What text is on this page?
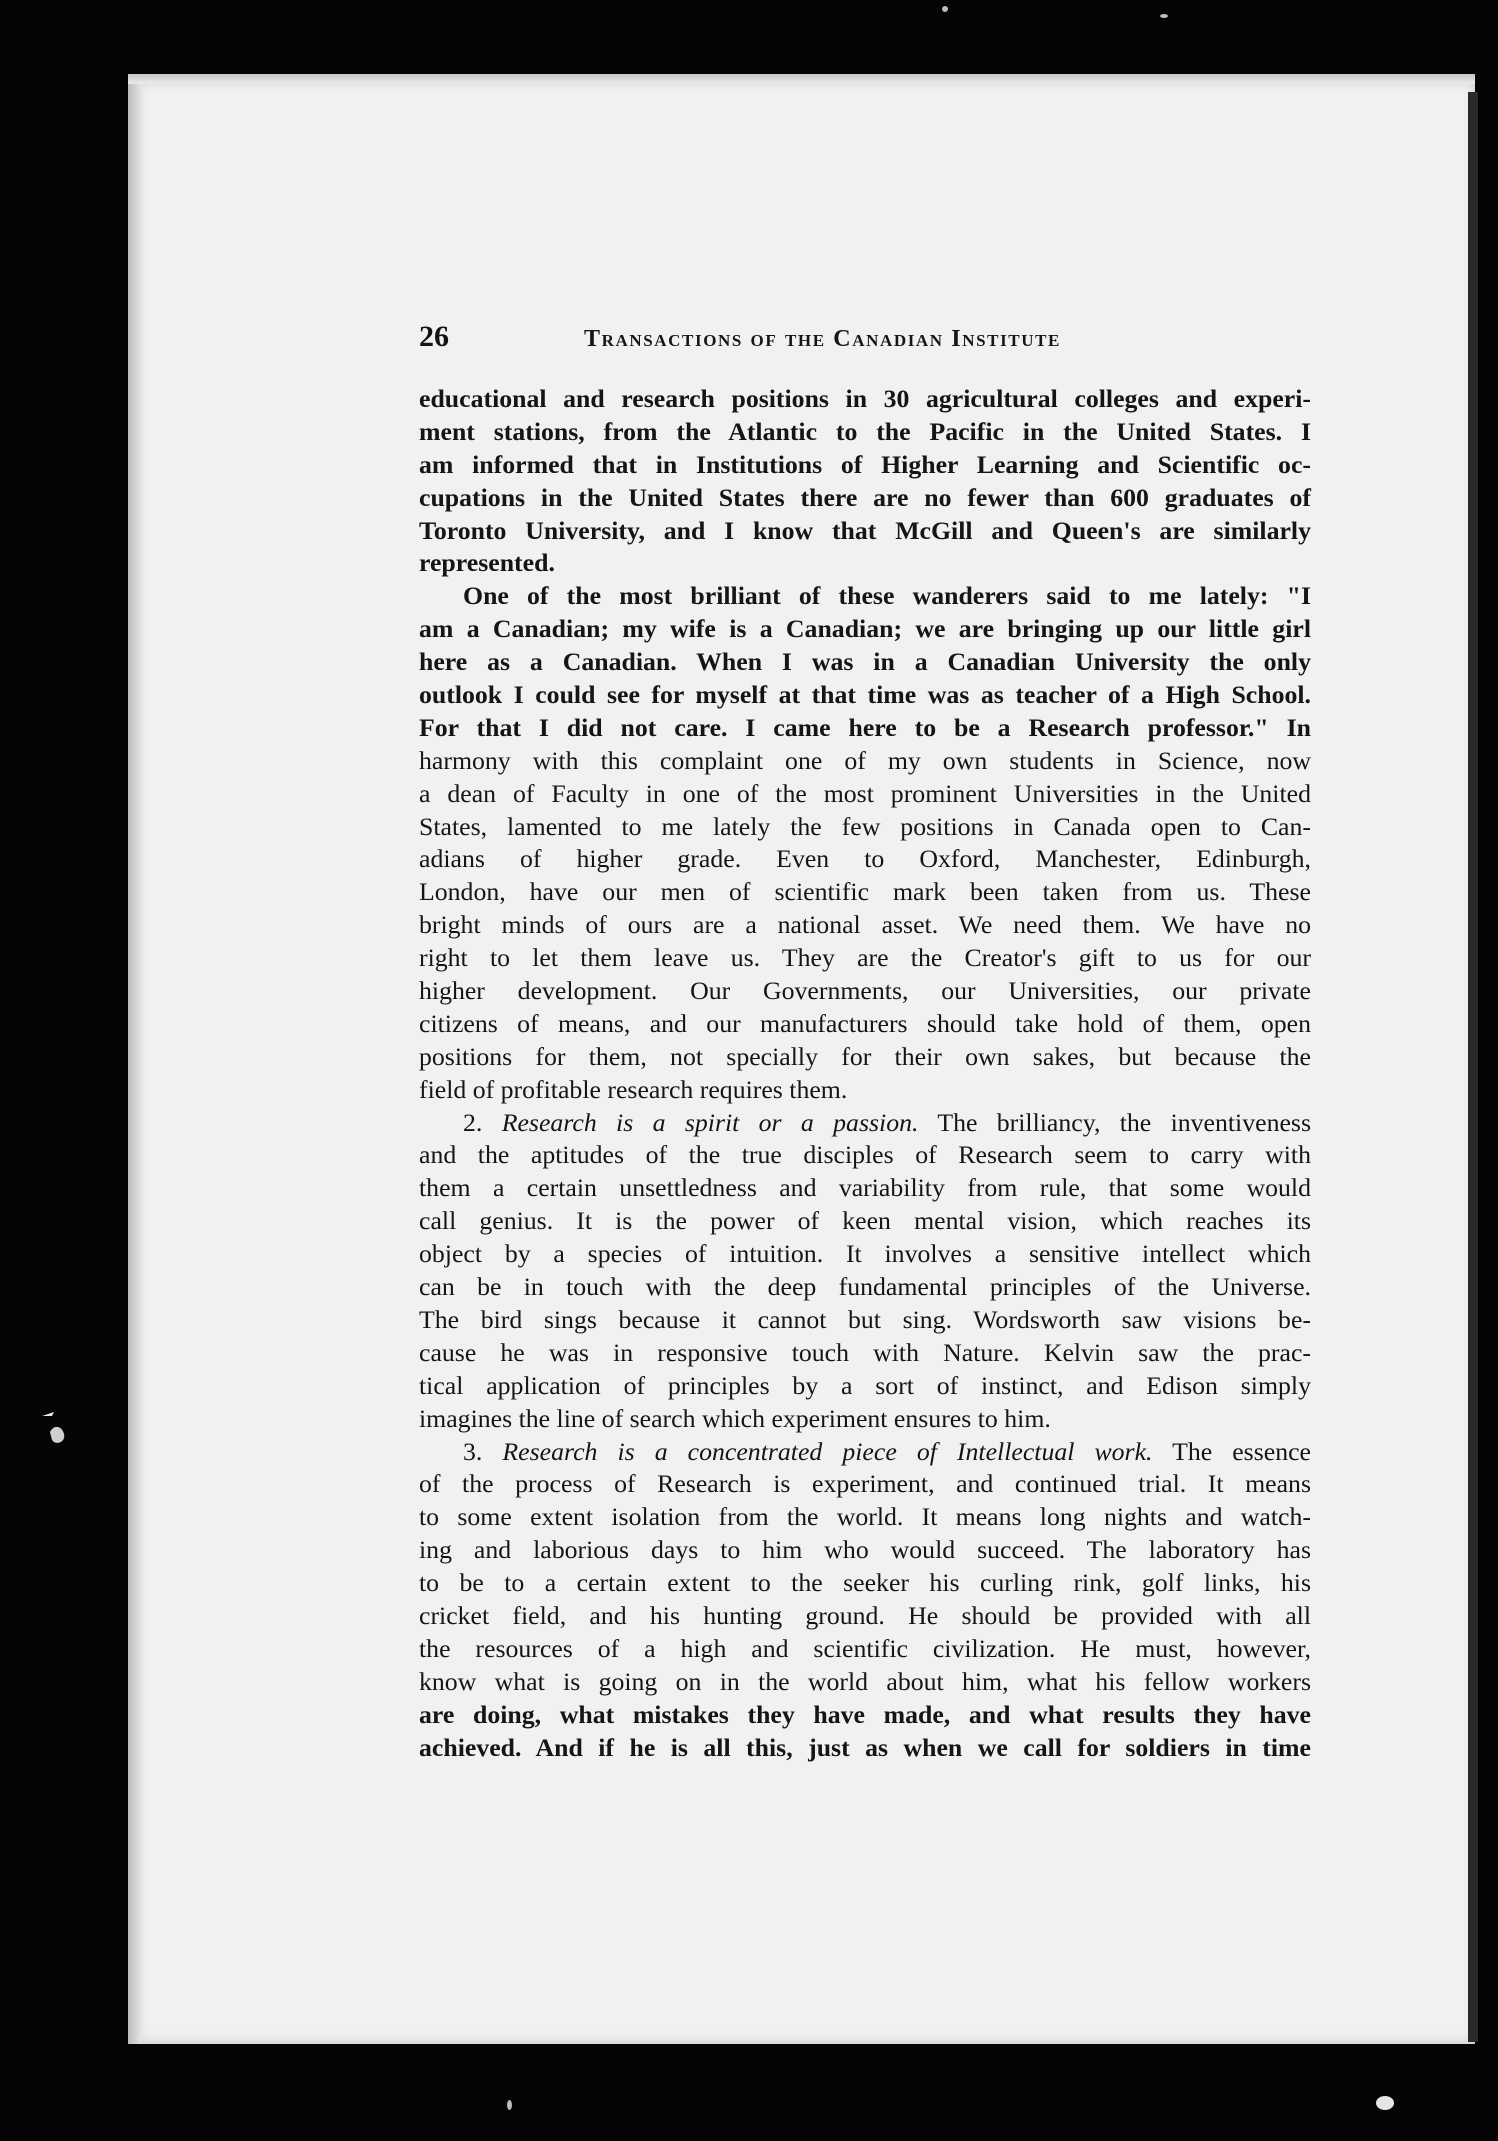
26	Transactions of the Canadian Institute
educational and research positions in 30 agricultural colleges and experi-
ment stations, from the Atlantic to the Pacific in the United States. I
am informed that in Institutions of Higher Learning and Scientific oc-
cupations in the United States there are no fewer than 600 graduates of
Toronto University, and I know that McGill and Queen's are similarly
represented.
One of the most brilliant of these wanderers said to me lately: "I
am a Canadian; my wife is a Canadian; we are bringing up our little girl
here as a Canadian. When I was in a Canadian University the only
outlook I could see for myself at that time was as teacher of a High School.
For that I did not care. I came here to be a Research professor." In
harmony with this complaint one of my own students in Science, now
a dean of Faculty in one of the most prominent Universities in the United
States, lamented to me lately the few positions in Canada open to Can-
adians of higher grade. Even to Oxford, Manchester, Edinburgh,
London, have our men of scientific mark been taken from us. These
bright minds of ours are a national asset. We need them. We have no
right to let them leave us. They are the Creator's gift to us for our
higher development. Our Governments, our Universities, our private
citizens of means, and our manufacturers should take hold of them, open
positions for them, not specially for their own sakes, but because the
field of profitable research requires them.
2. Research is a spirit or a passion. The brilliancy, the inventiveness
and the aptitudes of the true disciples of Research seem to carry with
them a certain unsettledness and variability from rule, that some would
call genius. It is the power of keen mental vision, which reaches its
object by a species of intuition. It involves a sensitive intellect which
can be in touch with the deep fundamental principles of the Universe.
The bird sings because it cannot but sing. Wordsworth saw visions be-
cause he was in responsive touch with Nature. Kelvin saw the prac-
tical application of principles by a sort of instinct, and Edison simply
imagines the line of search which experiment ensures to him.
3. Research is a concentrated piece of Intellectual work. The essence
of the process of Research is experiment, and continued trial. It means
to some extent isolation from the world. It means long nights and watch-
ing and laborious days to him who would succeed. The laboratory has
to be to a certain extent to the seeker his curling rink, golf links, his
cricket field, and his hunting ground. He should be provided with all
the resources of a high and scientific civilization. He must, however,
know what is going on in the world about him, what his fellow workers
are doing, what mistakes they have made, and what results they have
achieved. And if he is all this, just as when we call for soldiers in time
